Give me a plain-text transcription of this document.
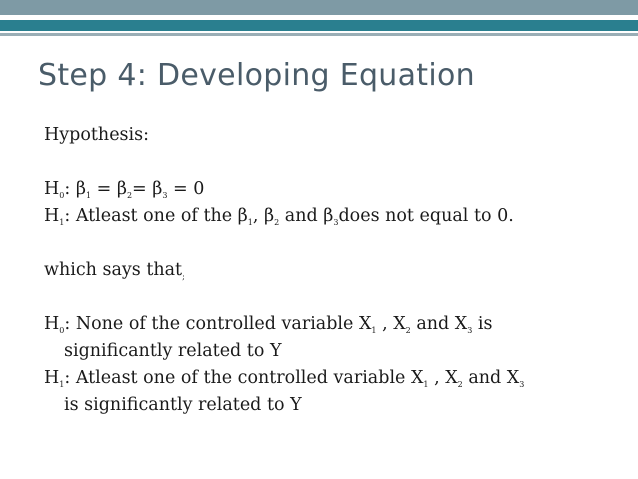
Step 4: Developing Equation
Hypothesis:
$H_0$: $\beta_1 = \beta_2= \beta_3 = 0$
$H_1$: Atleast one of the $\beta_1$, $\beta_2$ and $\beta_3does$ not equal to 0.
which says that$_;$
$H_0$: None of the controlled variable $X_1$ , $X_2$ and $X_3$ is
significantly related to Y
$H_1$: Atleast one of the controlled variable $X_1$ , $X_2$ and $X_3$
is significantly related to Y
